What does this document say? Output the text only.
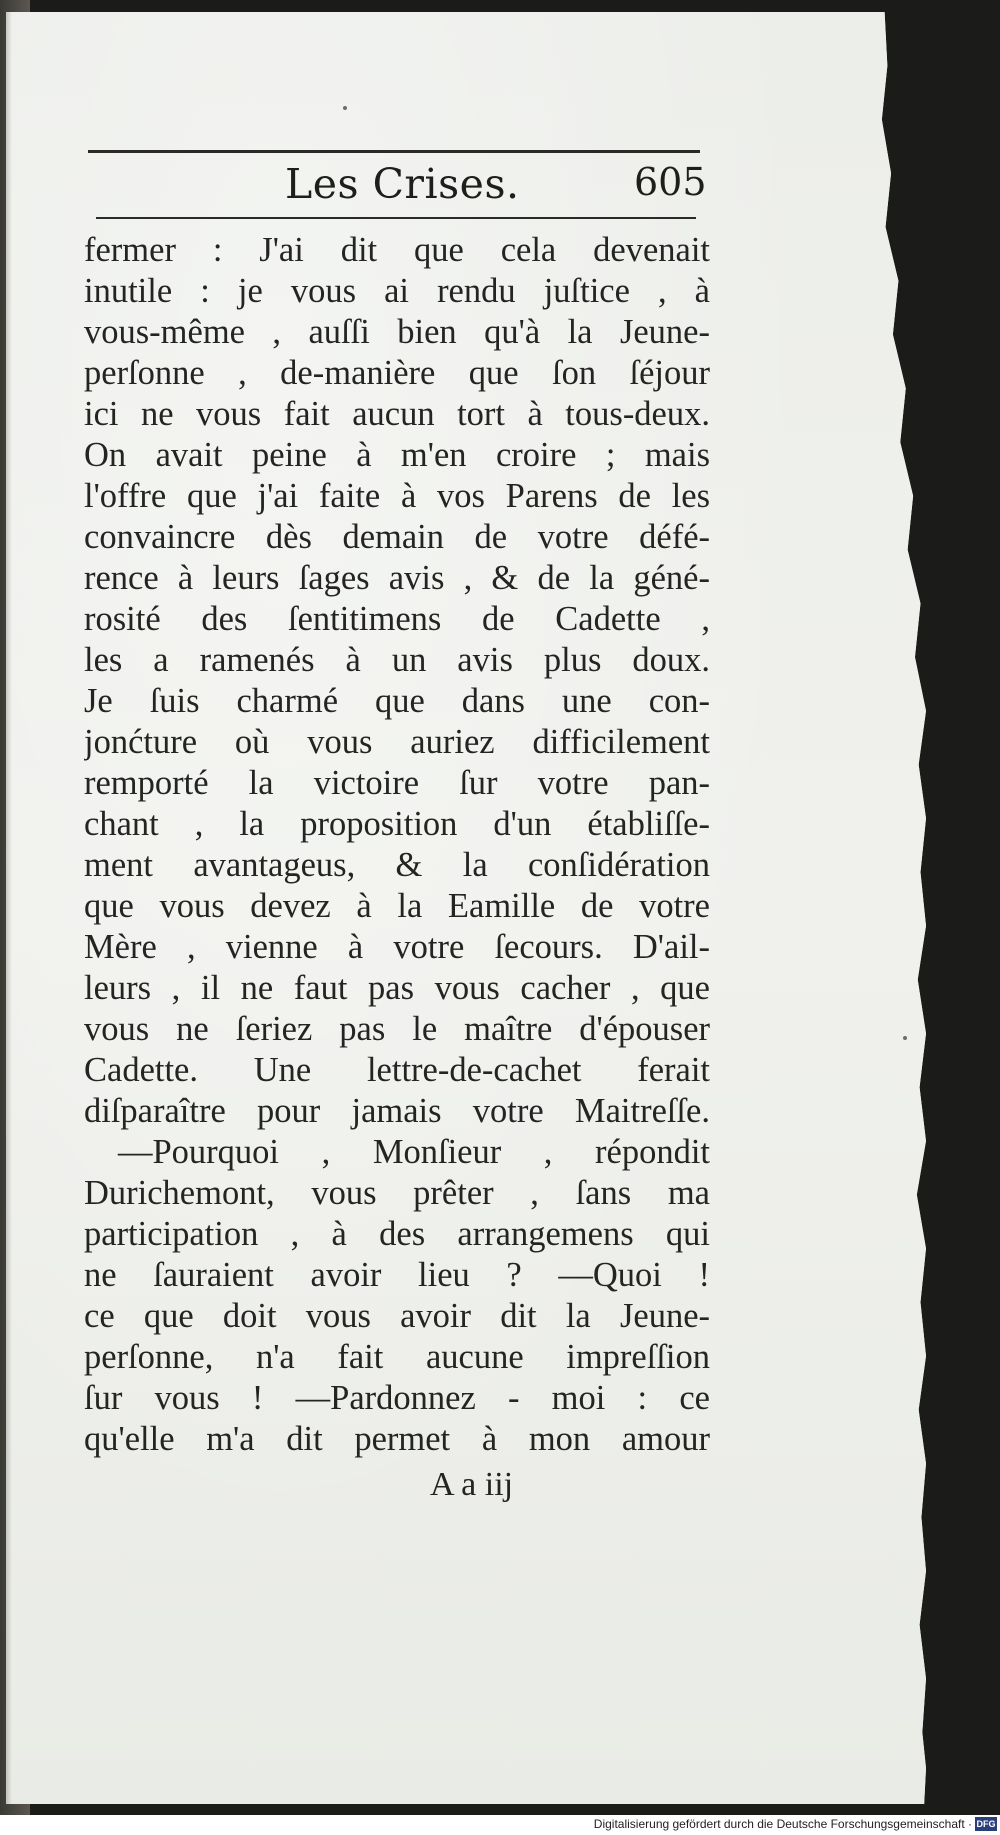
Les Crises.	605
fermer : J'ai dit que cela devenait
inutile : je vous ai rendu juſtice , à
vous-même , auſſi bien qu'à la Jeune-
perſonne , de-manière que ſon ſéjour
ici ne vous fait aucun tort à tous-deux.
On avait peine à m'en croire ; mais
l'offre que j'ai faite à vos Parens de les
convaincre dès demain de votre défé-
rence à leurs ſages avis , & de la géné-
rosité des ſentitimens de Cadette ,
les a ramenés à un avis plus doux.
Je ſuis charmé que dans une con-
jonćture où vous auriez difficilement
remporté la victoire ſur votre pan-
chant , la proposition d'un établiſſe-
ment avantageus, & la conſidération
que vous devez à la Eamille de votre
Mère , vienne à votre ſecours. D'ail-
leurs , il ne faut pas vous cacher , que
vous ne ſeriez pas le maître d'épouser
Cadette. Une lettre-de-cachet ferait
diſparaître pour jamais votre Maitreſſe.
—Pourquoi , Monſieur , répondit
Durichemont, vous prêter , ſans ma
participation , à des arrangemens qui
ne ſauraient avoir lieu ? —Quoi !
ce que doit vous avoir dit la Jeune-
perſonne, n'a fait aucune impreſſion
ſur vous ! —Pardonnez - moi : ce
qu'elle m'a dit permet à mon amour
A a iij
Digitalisierung gefördert durch die Deutsche Forschungsgemeinschaft · DFG
